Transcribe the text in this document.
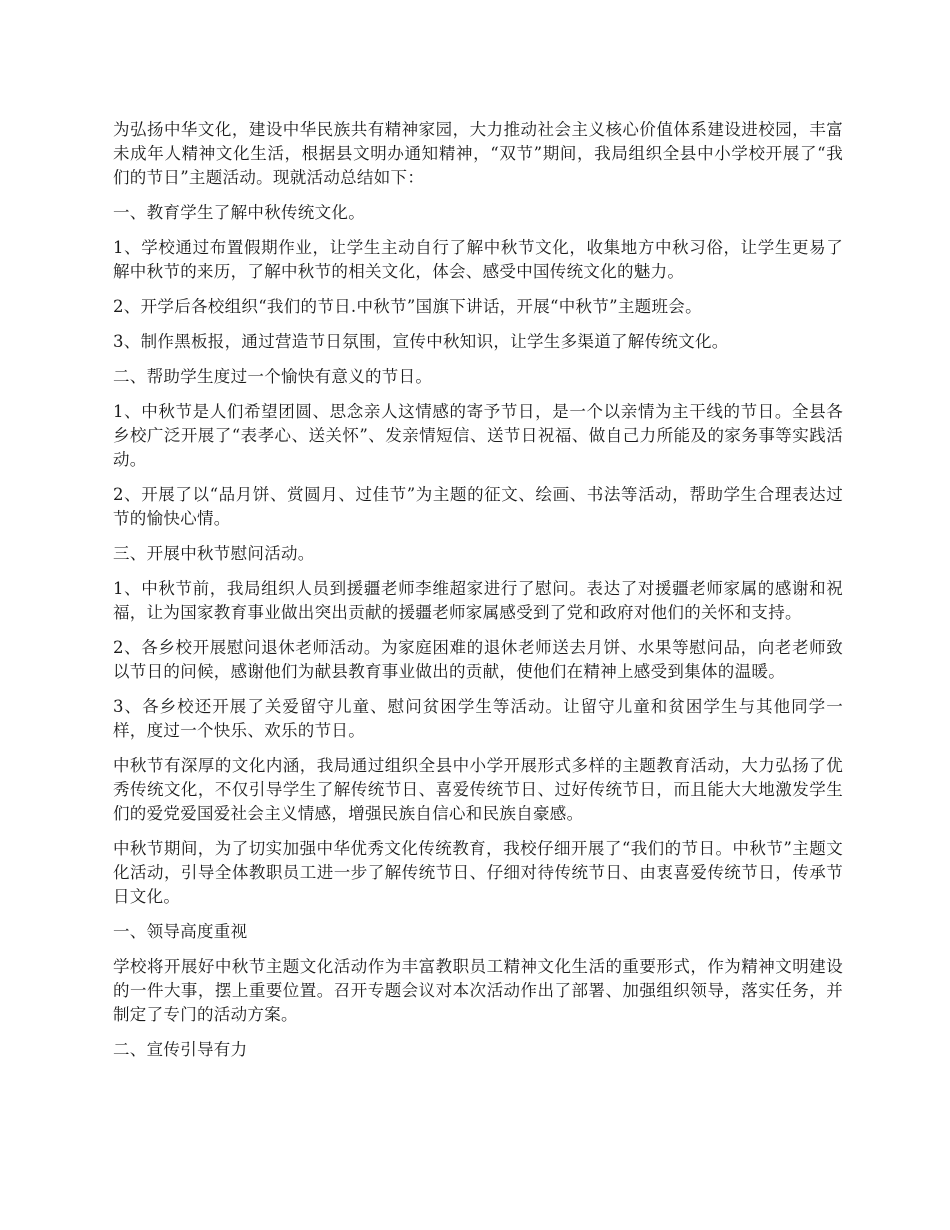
为弘扬中华文化，建设中华民族共有精神家园，大力推动社会主义核心价值体系建设进校园，丰富未成年人精神文化生活，根据县文明办通知精神，“双节”期间，我局组织全县中小学校开展了“我们的节日”主题活动。现就活动总结如下：

一、教育学生了解中秋传统文化。

1、学校通过布置假期作业，让学生主动自行了解中秋节文化，收集地方中秋习俗，让学生更易了解中秋节的来历，了解中秋节的相关文化，体会、感受中国传统文化的魅力。

2、开学后各校组织“我们的节日.中秋节”国旗下讲话，开展“中秋节”主题班会。

3、制作黑板报，通过营造节日氛围，宣传中秋知识，让学生多渠道了解传统文化。

二、帮助学生度过一个愉快有意义的节日。

1、中秋节是人们希望团圆、思念亲人这情感的寄予节日，是一个以亲情为主干线的节日。全县各乡校广泛开展了“表孝心、送关怀”、发亲情短信、送节日祝福、做自己力所能及的家务事等实践活动。

2、开展了以“品月饼、赏圆月、过佳节”为主题的征文、绘画、书法等活动，帮助学生合理表达过节的愉快心情。

三、开展中秋节慰问活动。

1、中秋节前，我局组织人员到援疆老师李维超家进行了慰问。表达了对援疆老师家属的感谢和祝福，让为国家教育事业做出突出贡献的援疆老师家属感受到了党和政府对他们的关怀和支持。

2、各乡校开展慰问退休老师活动。为家庭困难的退休老师送去月饼、水果等慰问品，向老老师致以节日的问候，感谢他们为献县教育事业做出的贡献，使他们在精神上感受到集体的温暖。

3、各乡校还开展了关爱留守儿童、慰问贫困学生等活动。让留守儿童和贫困学生与其他同学一样，度过一个快乐、欢乐的节日。

中秋节有深厚的文化内涵，我局通过组织全县中小学开展形式多样的主题教育活动，大力弘扬了优秀传统文化，不仅引导学生了解传统节日、喜爱传统节日、过好传统节日，而且能大大地激发学生们的爱党爱国爱社会主义情感，增强民族自信心和民族自豪感。

中秋节期间，为了切实加强中华优秀文化传统教育，我校仔细开展了“我们的节日。中秋节”主题文化活动，引导全体教职员工进一步了解传统节日、仔细对待传统节日、由衷喜爱传统节日，传承节日文化。

一、领导高度重视

学校将开展好中秋节主题文化活动作为丰富教职员工精神文化生活的重要形式，作为精神文明建设的一件大事，摆上重要位置。召开专题会议对本次活动作出了部署、加强组织领导，落实任务，并制定了专门的活动方案。

二、宣传引导有力
